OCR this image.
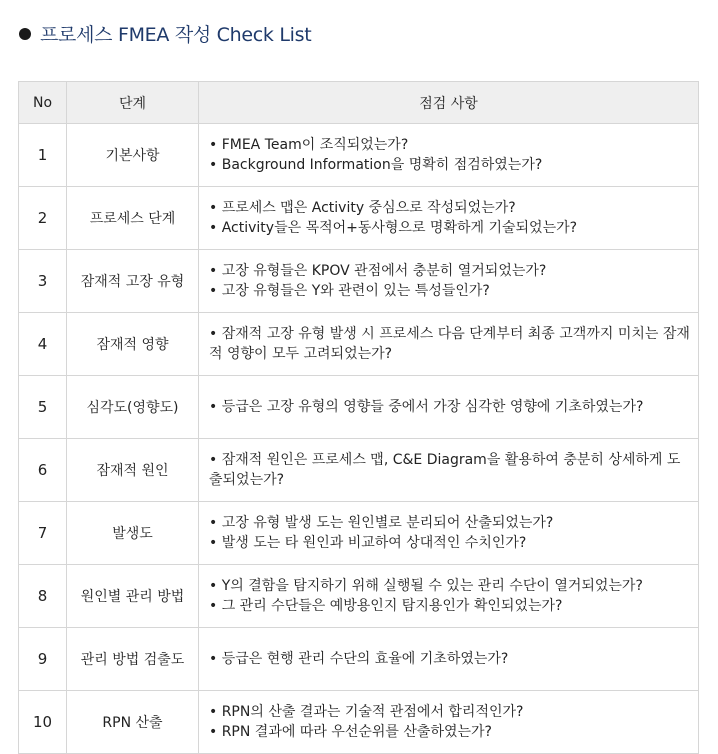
프로세스 FMEA 작성 Check List
No	단계	점검 사항
1	기본사항	• FMEA Team이 조직되었는가?
• Background Information을 명확히 점검하였는가?

2	프로세스 단계	• 프로세스 맵은 Activity 중심으로 작성되었는가?
• Activity들은 목적어+동사형으로 명확하게 기술되었는가?

3	잠재적 고장 유형	• 고장 유형들은 KPOV 관점에서 충분히 열거되었는가?
• 고장 유형들은 Y와 관련이 있는 특성들인가?

4	잠재적 영향	• 잠재적 고장 유형 발생 시 프로세스 다음 단계부터 최종 고객까지 미치는 잠재적 영향이 모두 고려되었는가?

5	심각도(영향도)	• 등급은 고장 유형의 영향들 중에서 가장 심각한 영향에 기초하였는가?

6	잠재적 원인	• 잠재적 원인은 프로세스 맵, C&E Diagram을 활용하여 충분히 상세하게 도출되었는가?

7	발생도	• 고장 유형 발생 도는 원인별로 분리되어 산출되었는가?
• 발생 도는 타 원인과 비교하여 상대적인 수치인가?

8	원인별 관리 방법	• Y의 결함을 탐지하기 위해 실행될 수 있는 관리 수단이 열거되었는가?
• 그 관리 수단들은 예방용인지 탐지용인가 확인되었는가?

9	관리 방법 검출도	• 등급은 현행 관리 수단의 효율에 기초하였는가?

10	RPN 산출	• RPN의 산출 결과는 기술적 관점에서 합리적인가?
• RPN 결과에 따라 우선순위를 산출하였는가?
